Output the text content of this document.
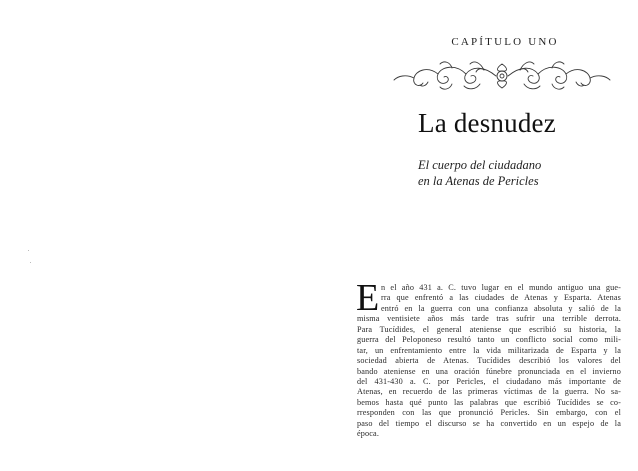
CAPÍTULO UNO
La desnudez
El cuerpo del ciudadano
en la Atenas de Pericles
E n el año 431 a. C. tuvo lugar en el mundo antiguo una gue-
rra que enfrentó a las ciudades de Atenas y Esparta. Atenas
entró en la guerra con una confianza absoluta y salió de la
misma ventisiete años más tarde tras sufrir una terrible derrota.
Para Tucídides, el general ateniense que escribió su historia, la
guerra del Peloponeso resultó tanto un conflicto social como mili-
tar, un enfrentamiento entre la vida militarizada de Esparta y la
sociedad abierta de Atenas. Tucídides describió los valores del
bando ateniense en una oración fúnebre pronunciada en el invierno
del 431-430 a. C. por Pericles, el ciudadano más importante de
Atenas, en recuerdo de las primeras víctimas de la guerra. No sa-
bemos hasta qué punto las palabras que escribió Tucídides se co-
rresponden con las que pronunció Pericles. Sin embargo, con el
paso del tiempo el discurso se ha convertido en un espejo de la
época.
